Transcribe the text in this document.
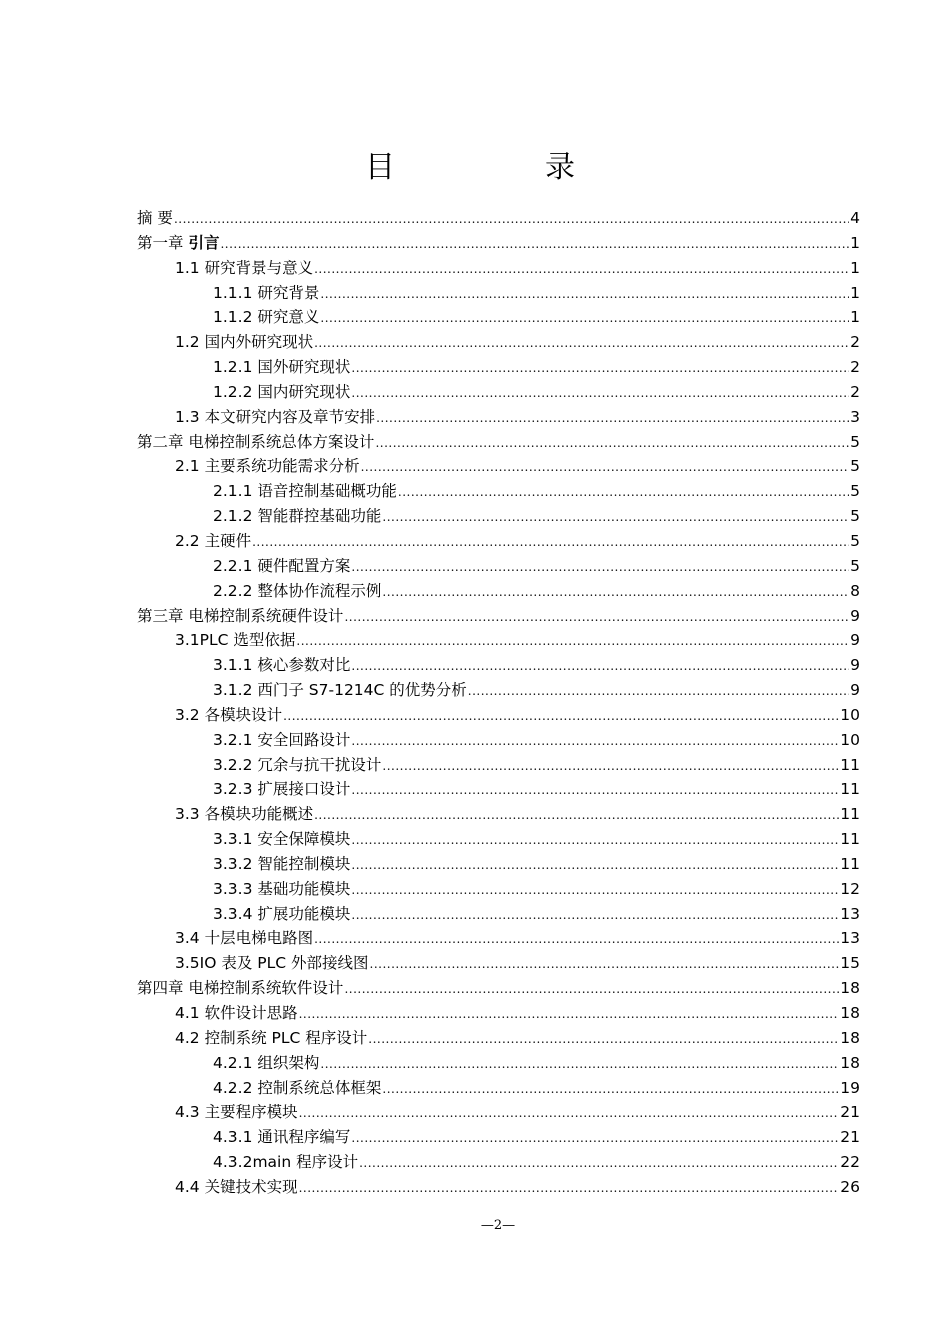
目　录
摘 要 .....	4
第一章 引言 .....	1
1.1 研究背景与意义 .....	1
1.1.1 研究背景 .....	1
1.1.2 研究意义 .....	1
1.2 国内外研究现状 .....	2
1.2.1 国外研究现状 .....	2
1.2.2 国内研究现状 .....	2
1.3 本文研究内容及章节安排 .....	3
第二章 电梯控制系统总体方案设计 .....	5
2.1 主要系统功能需求分析 .....	5
2.1.1 语音控制基础概功能 .....	5
2.1.2 智能群控基础功能 .....	5
2.2 主硬件 .....	5
2.2.1 硬件配置方案 .....	5
2.2.2 整体协作流程示例 .....	8
第三章 电梯控制系统硬件设计 .....	9
3.1PLC 选型依据 .....	9
3.1.1 核心参数对比 .....	9
3.1.2 西门子 S7-1214C 的优势分析 .....	9
3.2 各模块设计 .....	10
3.2.1 安全回路设计 .....	10
3.2.2 冗余与抗干扰设计 .....	11
3.2.3 扩展接口设计 .....	11
3.3 各模块功能概述 .....	11
3.3.1 安全保障模块 .....	11
3.3.2 智能控制模块 .....	11
3.3.3 基础功能模块 .....	12
3.3.4 扩展功能模块 .....	13
3.4 十层电梯电路图 .....	13
3.5IO 表及 PLC 外部接线图 .....	15
第四章 电梯控制系统软件设计 .....	18
4.1 软件设计思路 .....	18
4.2 控制系统 PLC 程序设计 .....	18
4.2.1 组织架构 .....	18
4.2.2 控制系统总体框架 .....	19
4.3 主要程序模块 .....	21
4.3.1 通讯程序编写 .....	21
4.3.2main 程序设计 .....	22
4.4 关键技术实现 .....	26
—2—
